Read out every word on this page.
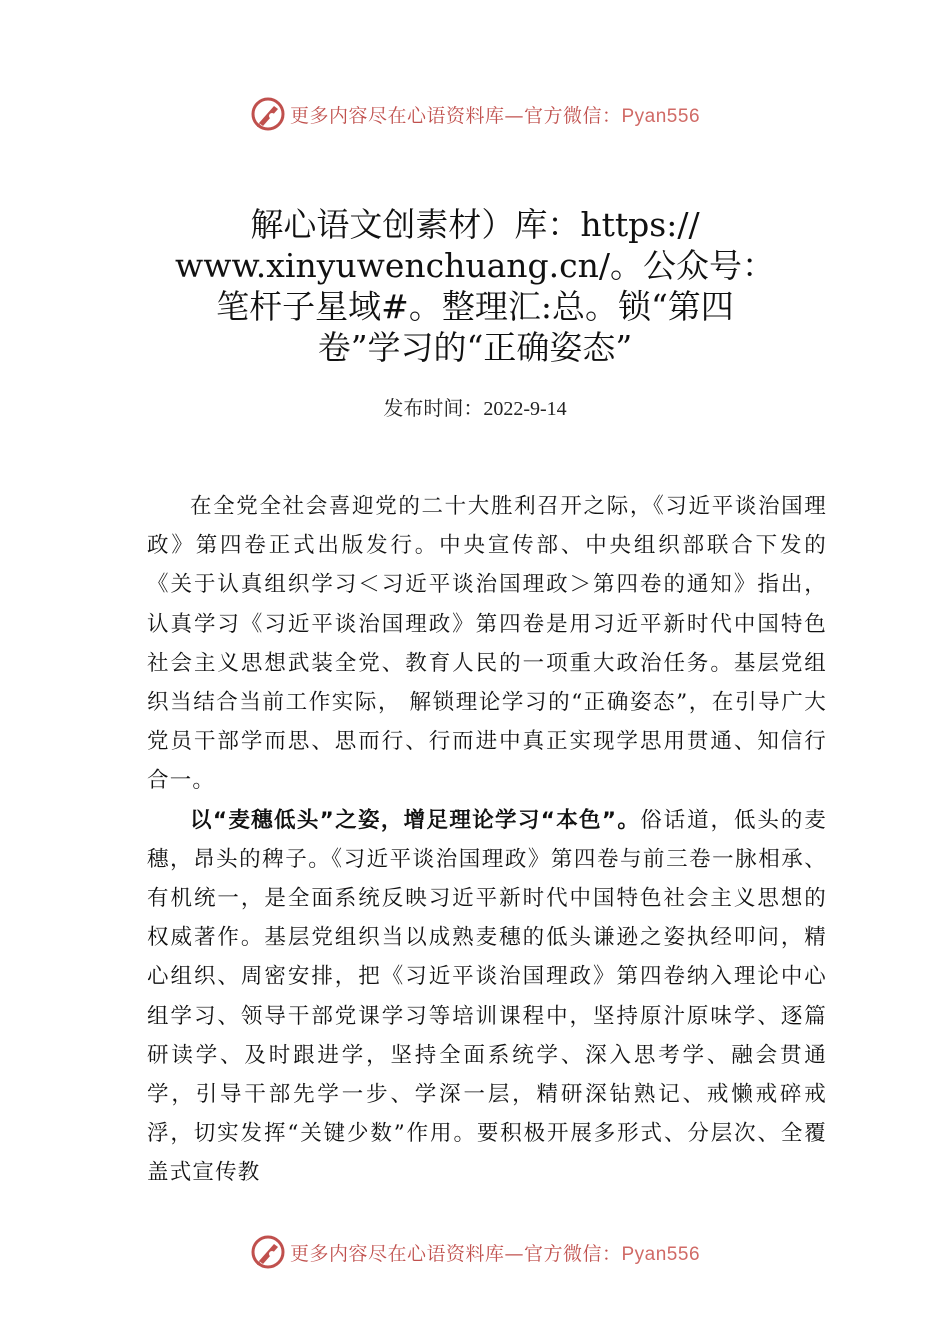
更多内容尽在心语资料库—官方微信：Pyan556
解心语文创素材）库：https://
www.xinyuwenchuang.cn/。公众号：
笔杆子星域#。整理汇:总。锁“第四
卷”学习的“正确姿态”
发布时间：2022-9-14

在全党全社会喜迎党的二十大胜利召开之际，《习近平谈治国理政》第四卷正式出版发行。中央宣传部、中央组织部联合下发的《关于认真组织学习＜习近平谈治国理政＞第四卷的通知》指出，认真学习《习近平谈治国理政》第四卷是用习近平新时代中国特色社会主义思想武装全党、教育人民的一项重大政治任务。基层党组织当结合当前工作实际， 解锁理论学习的“正确姿态”，在引导广大党员干部学而思、思而行、行而进中真正实现学思用贯通、知信行合一。

以“麦穗低头”之姿，增足理论学习“本色”。俗话道，低头的麦穗，昂头的稗子。《习近平谈治国理政》第四卷与前三卷一脉相承、有机统一，是全面系统反映习近平新时代中国特色社会主义思想的权威著作。基层党组织当以成熟麦穗的低头谦逊之姿执经叩问，精心组织、周密安排，把《习近平谈治国理政》第四卷纳入理论中心组学习、领导干部党课学习等培训课程中，坚持原汁原味学、逐篇研读学、及时跟进学，坚持全面系统学、深入思考学、融会贯通学，引导干部先学一步、学深一层，精研深钻熟记、戒懒戒碎戒浮，切实发挥“关键少数”作用。要积极开展多形式、分层次、全覆盖式宣传教

更多内容尽在心语资料库—官方微信：Pyan556
